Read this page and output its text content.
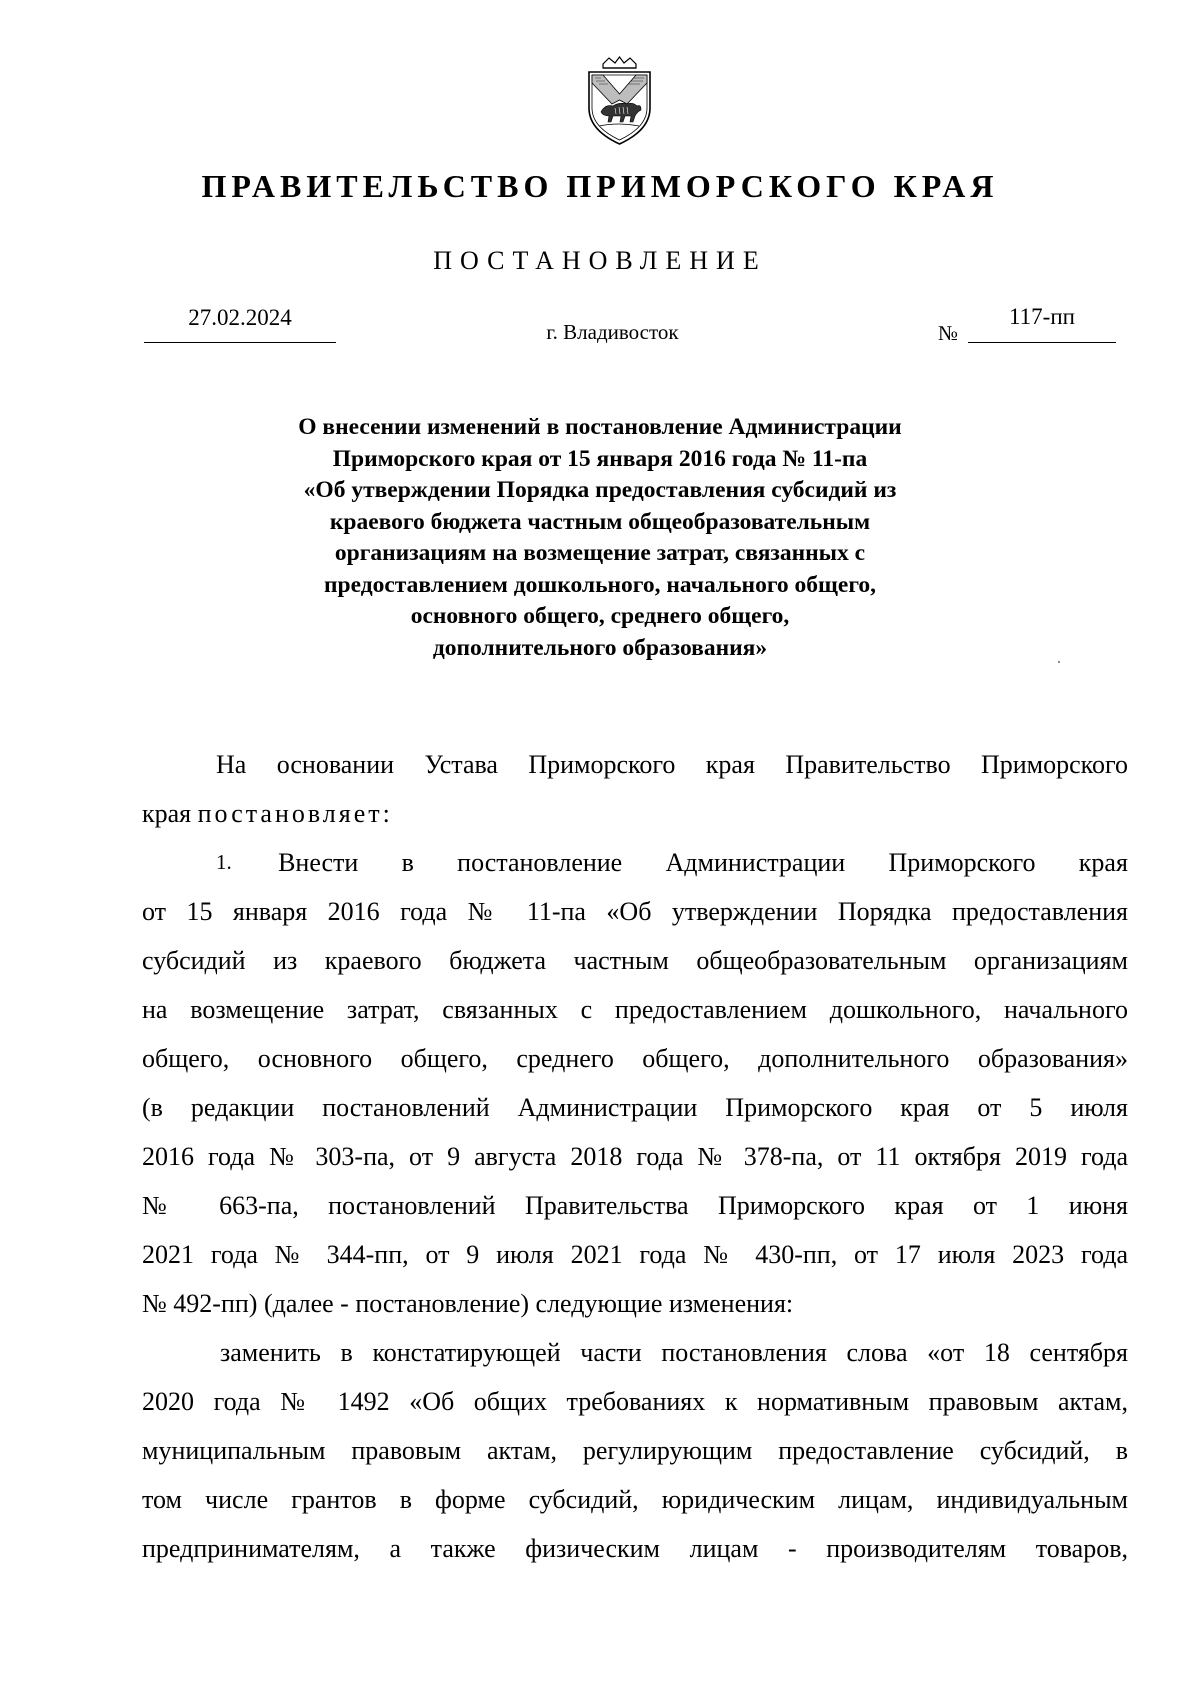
ПРАВИТЕЛЬСТВО ПРИМОРСКОГО КРАЯ
ПОСТАНОВЛЕНИЕ
27.02.2024
г. Владивосток	№
117-пп
О внесении изменений в постановление Администрации
Приморского края от 15 января 2016 года № 11-па
«Об утверждении Порядка предоставления субсидий из
краевого бюджета частным общеобразовательным
организациям на возмещение затрат, связанных с
предоставлением дошкольного, начального общего,
основного общего, среднего общего,
дополнительного образования»
На основании Устава Приморского края Правительство Приморского
края постановляет:
1.	Внести в постановление Администрации Приморского края
от 15 января 2016 года № 11-па «Об утверждении Порядка предоставления
субсидий из краевого бюджета частным общеобразовательным организациям
на возмещение затрат, связанных с предоставлением дошкольного, начального
общего, основного общего, среднего общего, дополнительного образования»
(в редакции постановлений Администрации Приморского края от 5 июля
2016 года № 303-па, от 9 августа 2018 года № 378-па, от 11 октября 2019 года
№ 663-па, постановлений Правительства Приморского края от 1 июня
2021 года № 344-пп, от 9 июля 2021 года № 430-пп, от 17 июля 2023 года
№ 492-пп) (далее - постановление) следующие изменения:
заменить в констатирующей части постановления слова «от 18 сентября
2020 года № 1492 «Об общих требованиях к нормативным правовым актам,
муниципальным правовым актам, регулирующим предоставление субсидий, в
том числе грантов в форме субсидий, юридическим лицам, индивидуальным
предпринимателям, а также физическим лицам - производителям товаров,
